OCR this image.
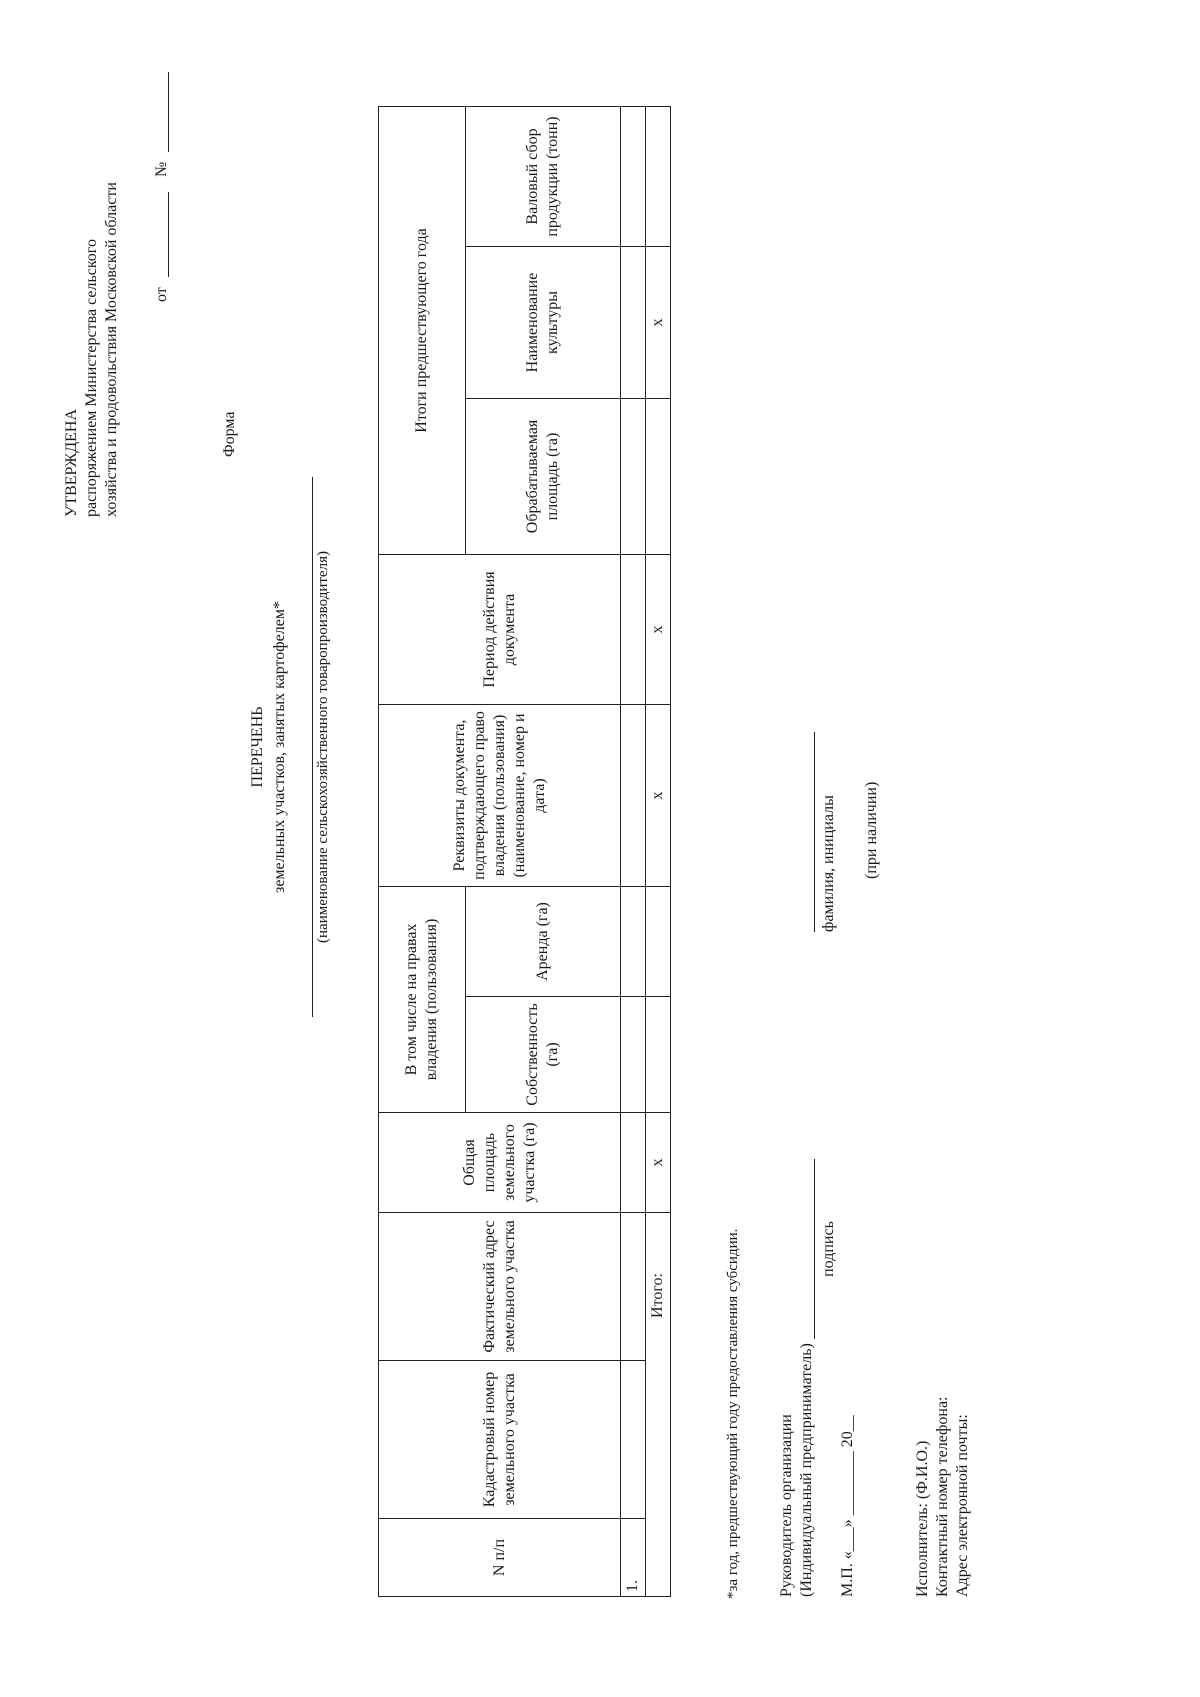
УТВЕРЖДЕНА распоряжением Министерства сельского хозяйства и продовольствия Московской области от
№
Форма
ПЕРЕЧЕНЬ земельных участков, занятых картофелем* (наименование сельскохозяйственного товаропроизводителя)
N п/п	Кадастровый номер земельного участка	Фактический адрес земельного участка	Общая площадь земельного участка (га)	В том числе на правах владения (пользования)		Реквизиты документа, подтверждающего право владения (пользования) (наименование, номер и дата)	Период действия документа	Итоги предшествующего года		
				Собственность (га)	Аренда (га)			Обрабатываемая площадь (га)	Наименование культуры	Валовый сбор продукции (тонн)
1.										
Итого:			x			x	x		x	
*за год, предшествующий году предоставления субсидии. Руководитель организации (Индивидуальный предприниматель)
подпись
фамилия, инициалы
М.П. «___» ________ 20__
(при наличии)
Исполнитель: (Ф.И.О.) Контактный номер телефона: Адрес электронной почты:
